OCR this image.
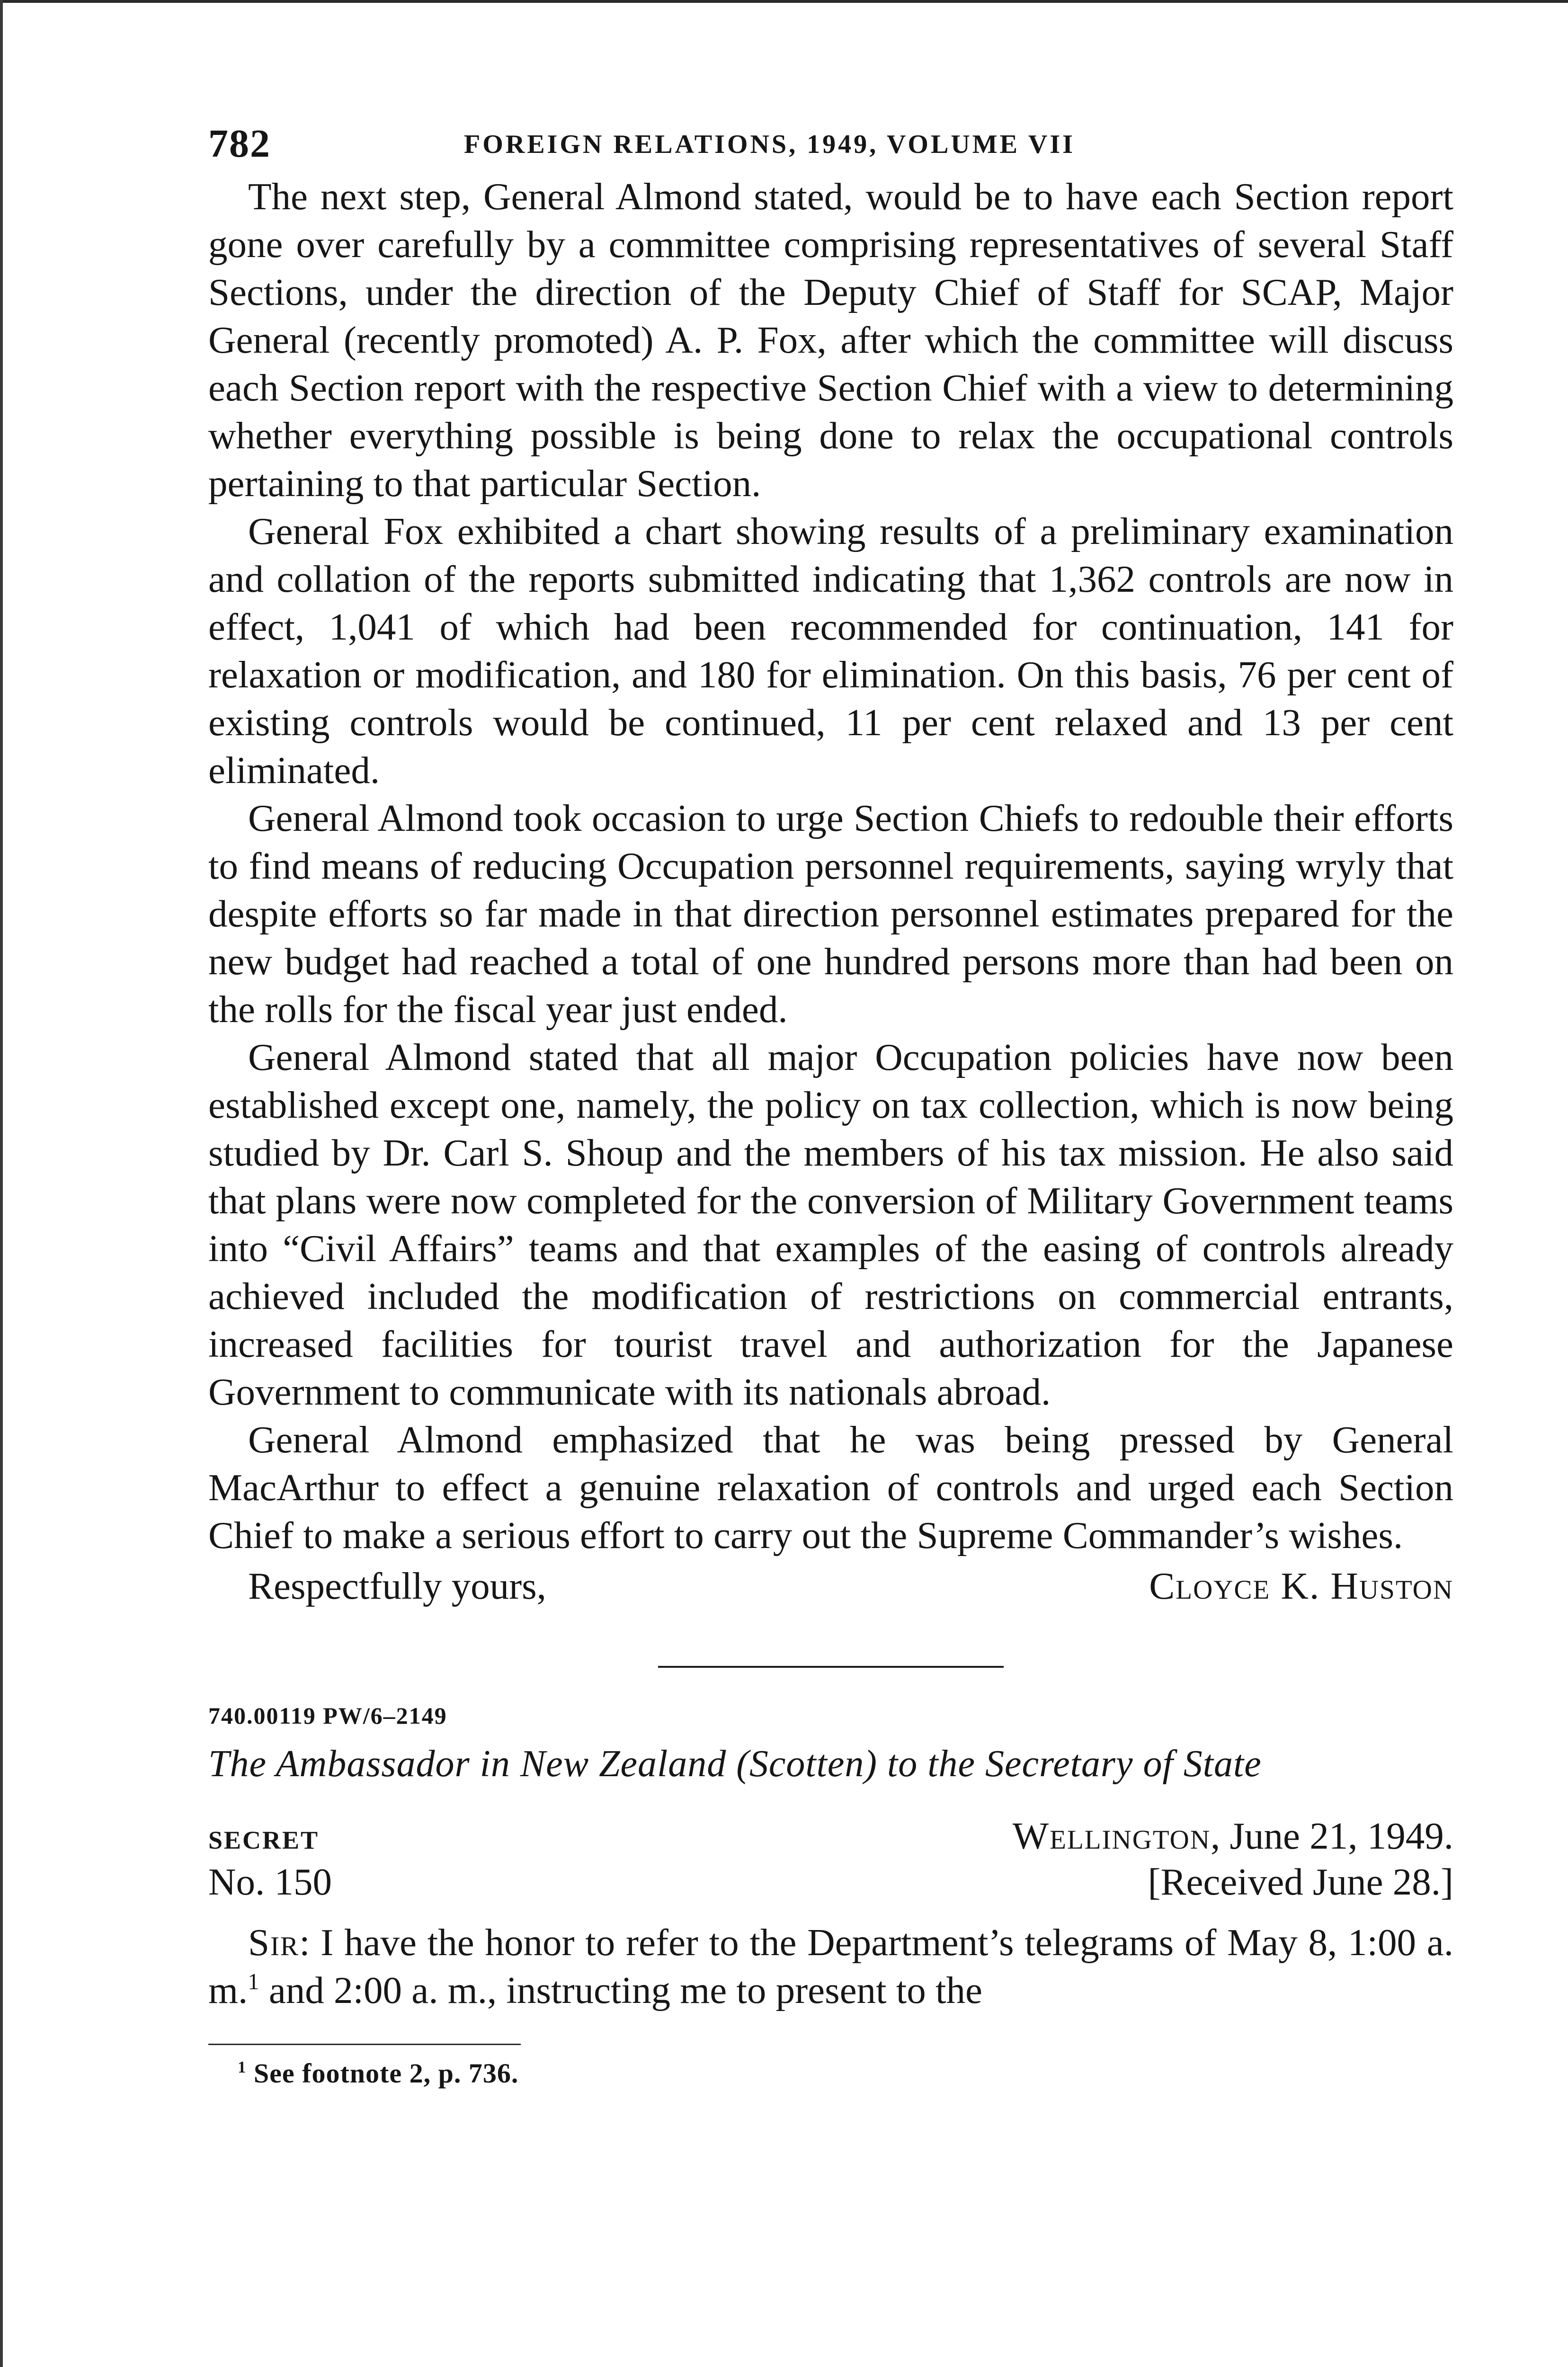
782	FOREIGN RELATIONS, 1949, VOLUME VII

The next step, General Almond stated, would be to have each Section report gone over carefully by a committee comprising representatives of several Staff Sections, under the direction of the Deputy Chief of Staff for SCAP, Major General (recently promoted) A. P. Fox, after which the committee will discuss each Section report with the respective Section Chief with a view to determining whether everything possible is being done to relax the occupational controls pertaining to that particular Section.

General Fox exhibited a chart showing results of a preliminary examination and collation of the reports submitted indicating that 1,362 controls are now in effect, 1,041 of which had been recommended for continuation, 141 for relaxation or modification, and 180 for elimination. On this basis, 76 per cent of existing controls would be continued, 11 per cent relaxed and 13 per cent eliminated.

General Almond took occasion to urge Section Chiefs to redouble their efforts to find means of reducing Occupation personnel requirements, saying wryly that despite efforts so far made in that direction personnel estimates prepared for the new budget had reached a total of one hundred persons more than had been on the rolls for the fiscal year just ended.

General Almond stated that all major Occupation policies have now been established except one, namely, the policy on tax collection, which is now being studied by Dr. Carl S. Shoup and the members of his tax mission. He also said that plans were now completed for the conversion of Military Government teams into “Civil Affairs” teams and that examples of the easing of controls already achieved included the modification of restrictions on commercial entrants, increased facilities for tourist travel and authorization for the Japanese Government to communicate with its nationals abroad.

General Almond emphasized that he was being pressed by General MacArthur to effect a genuine relaxation of controls and urged each Section Chief to make a serious effort to carry out the Supreme Commander’s wishes.

Respectfully yours,	Cloyce K. Huston
740.00119 PW/6–2149
The Ambassador in New Zealand (Scotten) to the Secretary of State
SECRET	Wellington, June 21, 1949.
No. 150	[Received June 28.]

Sir: I have the honor to refer to the Department’s telegrams of May 8, 1:00 a. m.$^1$ and 2:00 a. m., instructing me to present to the

$^1$ See footnote 2, p. 736.
